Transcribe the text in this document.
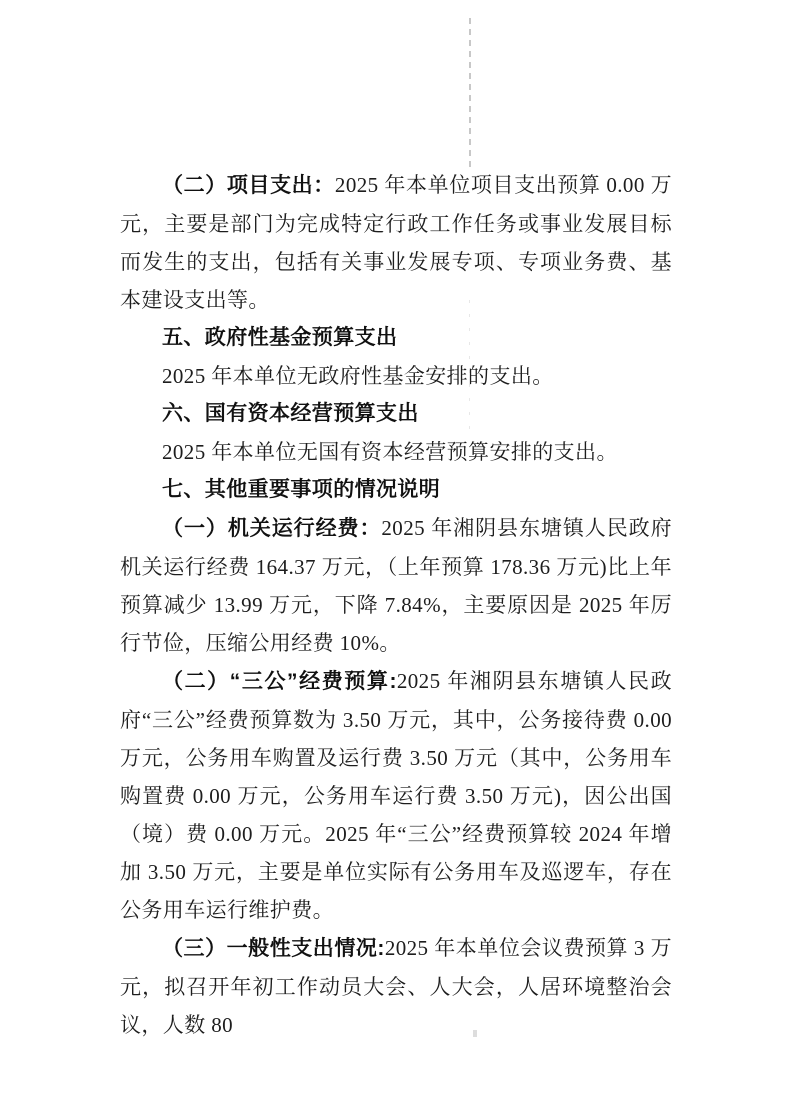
（二）项目支出：2025 年本单位项目支出预算 0.00 万元，主要是部门为完成特定行政工作任务或事业发展目标而发生的支出，包括有关事业发展专项、专项业务费、基本建设支出等。

五、政府性基金预算支出

2025 年本单位无政府性基金安排的支出。

六、国有资本经营预算支出

2025 年本单位无国有资本经营预算安排的支出。

七、其他重要事项的情况说明

（一）机关运行经费：2025 年湘阴县东塘镇人民政府机关运行经费 164.37 万元，（上年预算 178.36 万元)比上年预算减少 13.99 万元，下降 7.84%，主要原因是 2025 年厉行节俭，压缩公用经费 10%。

（二）“三公”经费预算:2025 年湘阴县东塘镇人民政府“三公”经费预算数为 3.50 万元，其中，公务接待费 0.00 万元，公务用车购置及运行费 3.50 万元（其中，公务用车购置费 0.00 万元，公务用车运行费 3.50 万元)，因公出国（境）费 0.00 万元。2025 年“三公”经费预算较 2024 年增加 3.50 万元，主要是单位实际有公务用车及巡逻车，存在公务用车运行维护费。

（三）一般性支出情况:2025 年本单位会议费预算 3 万元，拟召开年初工作动员大会、人大会，人居环境整治会议，人数 80
